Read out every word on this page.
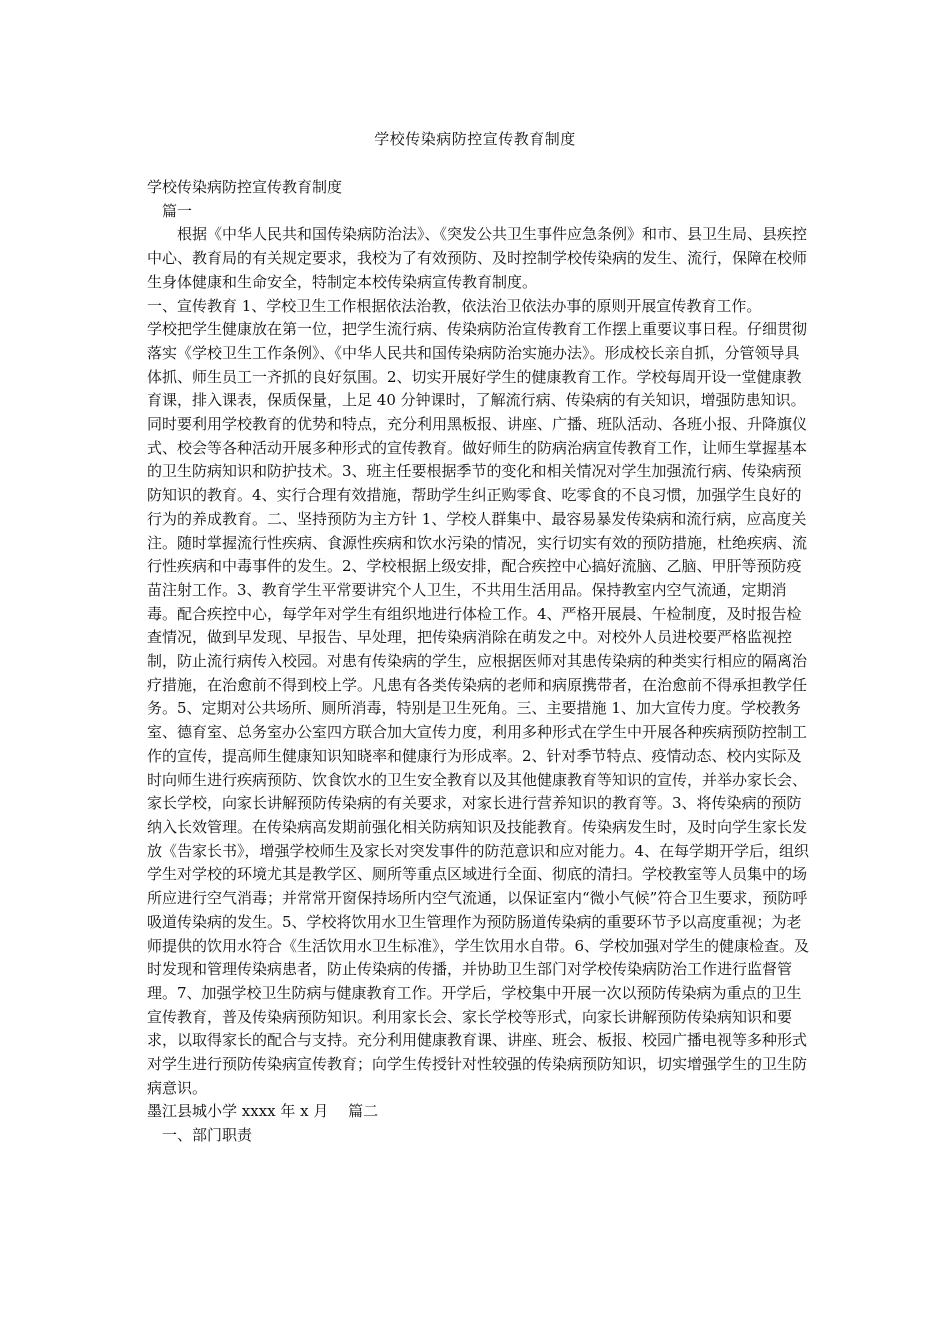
学校传染病防控宣传教育制度

学校传染病防控宣传教育制度

篇一

根据《中华人民共和国传染病防治法》、《突发公共卫生事件应急条例》和市、县卫生局、县疾控中心、教育局的有关规定要求，我校为了有效预防、及时控制学校传染病的发生、流行，保障在校师生身体健康和生命安全，特制定本校传染病宣传教育制度。

一、宣传教育 1、学校卫生工作根据依法治教，依法治卫依法办事的原则开展宣传教育工作。

学校把学生健康放在第一位，把学生流行病、传染病防治宣传教育工作摆上重要议事日程。仔细贯彻落实《学校卫生工作条例》、《中华人民共和国传染病防治实施办法》。形成校长亲自抓，分管领导具体抓、师生员工一齐抓的良好氛围。2、切实开展好学生的健康教育工作。学校每周开设一堂健康教育课，排入课表，保质保量，上足 40 分钟课时，了解流行病、传染病的有关知识，增强防患知识。同时要利用学校教育的优势和特点，充分利用黑板报、讲座、广播、班队活动、各班小报、升降旗仪式、校会等各种活动开展多种形式的宣传教育。做好师生的防病治病宣传教育工作，让师生掌握基本的卫生防病知识和防护技术。3、班主任要根据季节的变化和相关情况对学生加强流行病、传染病预防知识的教育。4、实行合理有效措施，帮助学生纠正购零食、吃零食的不良习惯，加强学生良好的行为的养成教育。二、坚持预防为主方针 1、学校人群集中、最容易暴发传染病和流行病，应高度关注。随时掌握流行性疾病、食源性疾病和饮水污染的情况，实行切实有效的预防措施，杜绝疾病、流行性疾病和中毒事件的发生。2、学校根据上级安排，配合疾控中心搞好流脑、乙脑、甲肝等预防疫苗注射工作。3、教育学生平常要讲究个人卫生，不共用生活用品。保持教室内空气流通，定期消毒。配合疾控中心，每学年对学生有组织地进行体检工作。4、严格开展晨、午检制度，及时报告检查情况，做到早发现、早报告、早处理，把传染病消除在萌发之中。对校外人员进校要严格监视控制，防止流行病传入校园。对患有传染病的学生，应根据医师对其患传染病的种类实行相应的隔离治疗措施，在治愈前不得到校上学。凡患有各类传染病的老师和病原携带者，在治愈前不得承担教学任务。5、定期对公共场所、厕所消毒，特别是卫生死角。三、主要措施 1、加大宣传力度。学校教务室、德育室、总务室办公室四方联合加大宣传力度，利用多种形式在学生中开展各种疾病预防控制工作的宣传，提高师生健康知识知晓率和健康行为形成率。2、针对季节特点、疫情动态、校内实际及时向师生进行疾病预防、饮食饮水的卫生安全教育以及其他健康教育等知识的宣传，并举办家长会、家长学校，向家长讲解预防传染病的有关要求，对家长进行营养知识的教育等。3、将传染病的预防纳入长效管理。在传染病高发期前强化相关防病知识及技能教育。传染病发生时，及时向学生家长发放《告家长书》，增强学校师生及家长对突发事件的防范意识和应对能力。4、在每学期开学后，组织学生对学校的环境尤其是教学区、厕所等重点区域进行全面、彻底的清扫。学校教室等人员集中的场所应进行空气消毒；并常常开窗保持场所内空气流通，以保证室内“微小气候”符合卫生要求，预防呼吸道传染病的发生。5、学校将饮用水卫生管理作为预防肠道传染病的重要环节予以高度重视；为老师提供的饮用水符合《生活饮用水卫生标准》，学生饮用水自带。6、学校加强对学生的健康检查。及时发现和管理传染病患者，防止传染病的传播，并协助卫生部门对学校传染病防治工作进行监督管理。7、加强学校卫生防病与健康教育工作。开学后，学校集中开展一次以预防传染病为重点的卫生宣传教育，普及传染病预防知识。利用家长会、家长学校等形式，向家长讲解预防传染病知识和要求，以取得家长的配合与支持。充分利用健康教育课、讲座、班会、板报、校园广播电视等多种形式对学生进行预防传染病宣传教育；向学生传授针对性较强的传染病预防知识，切实增强学生的卫生防病意识。

墨江县城小学 xxxx 年 x 月　 篇二

一、部门职责
